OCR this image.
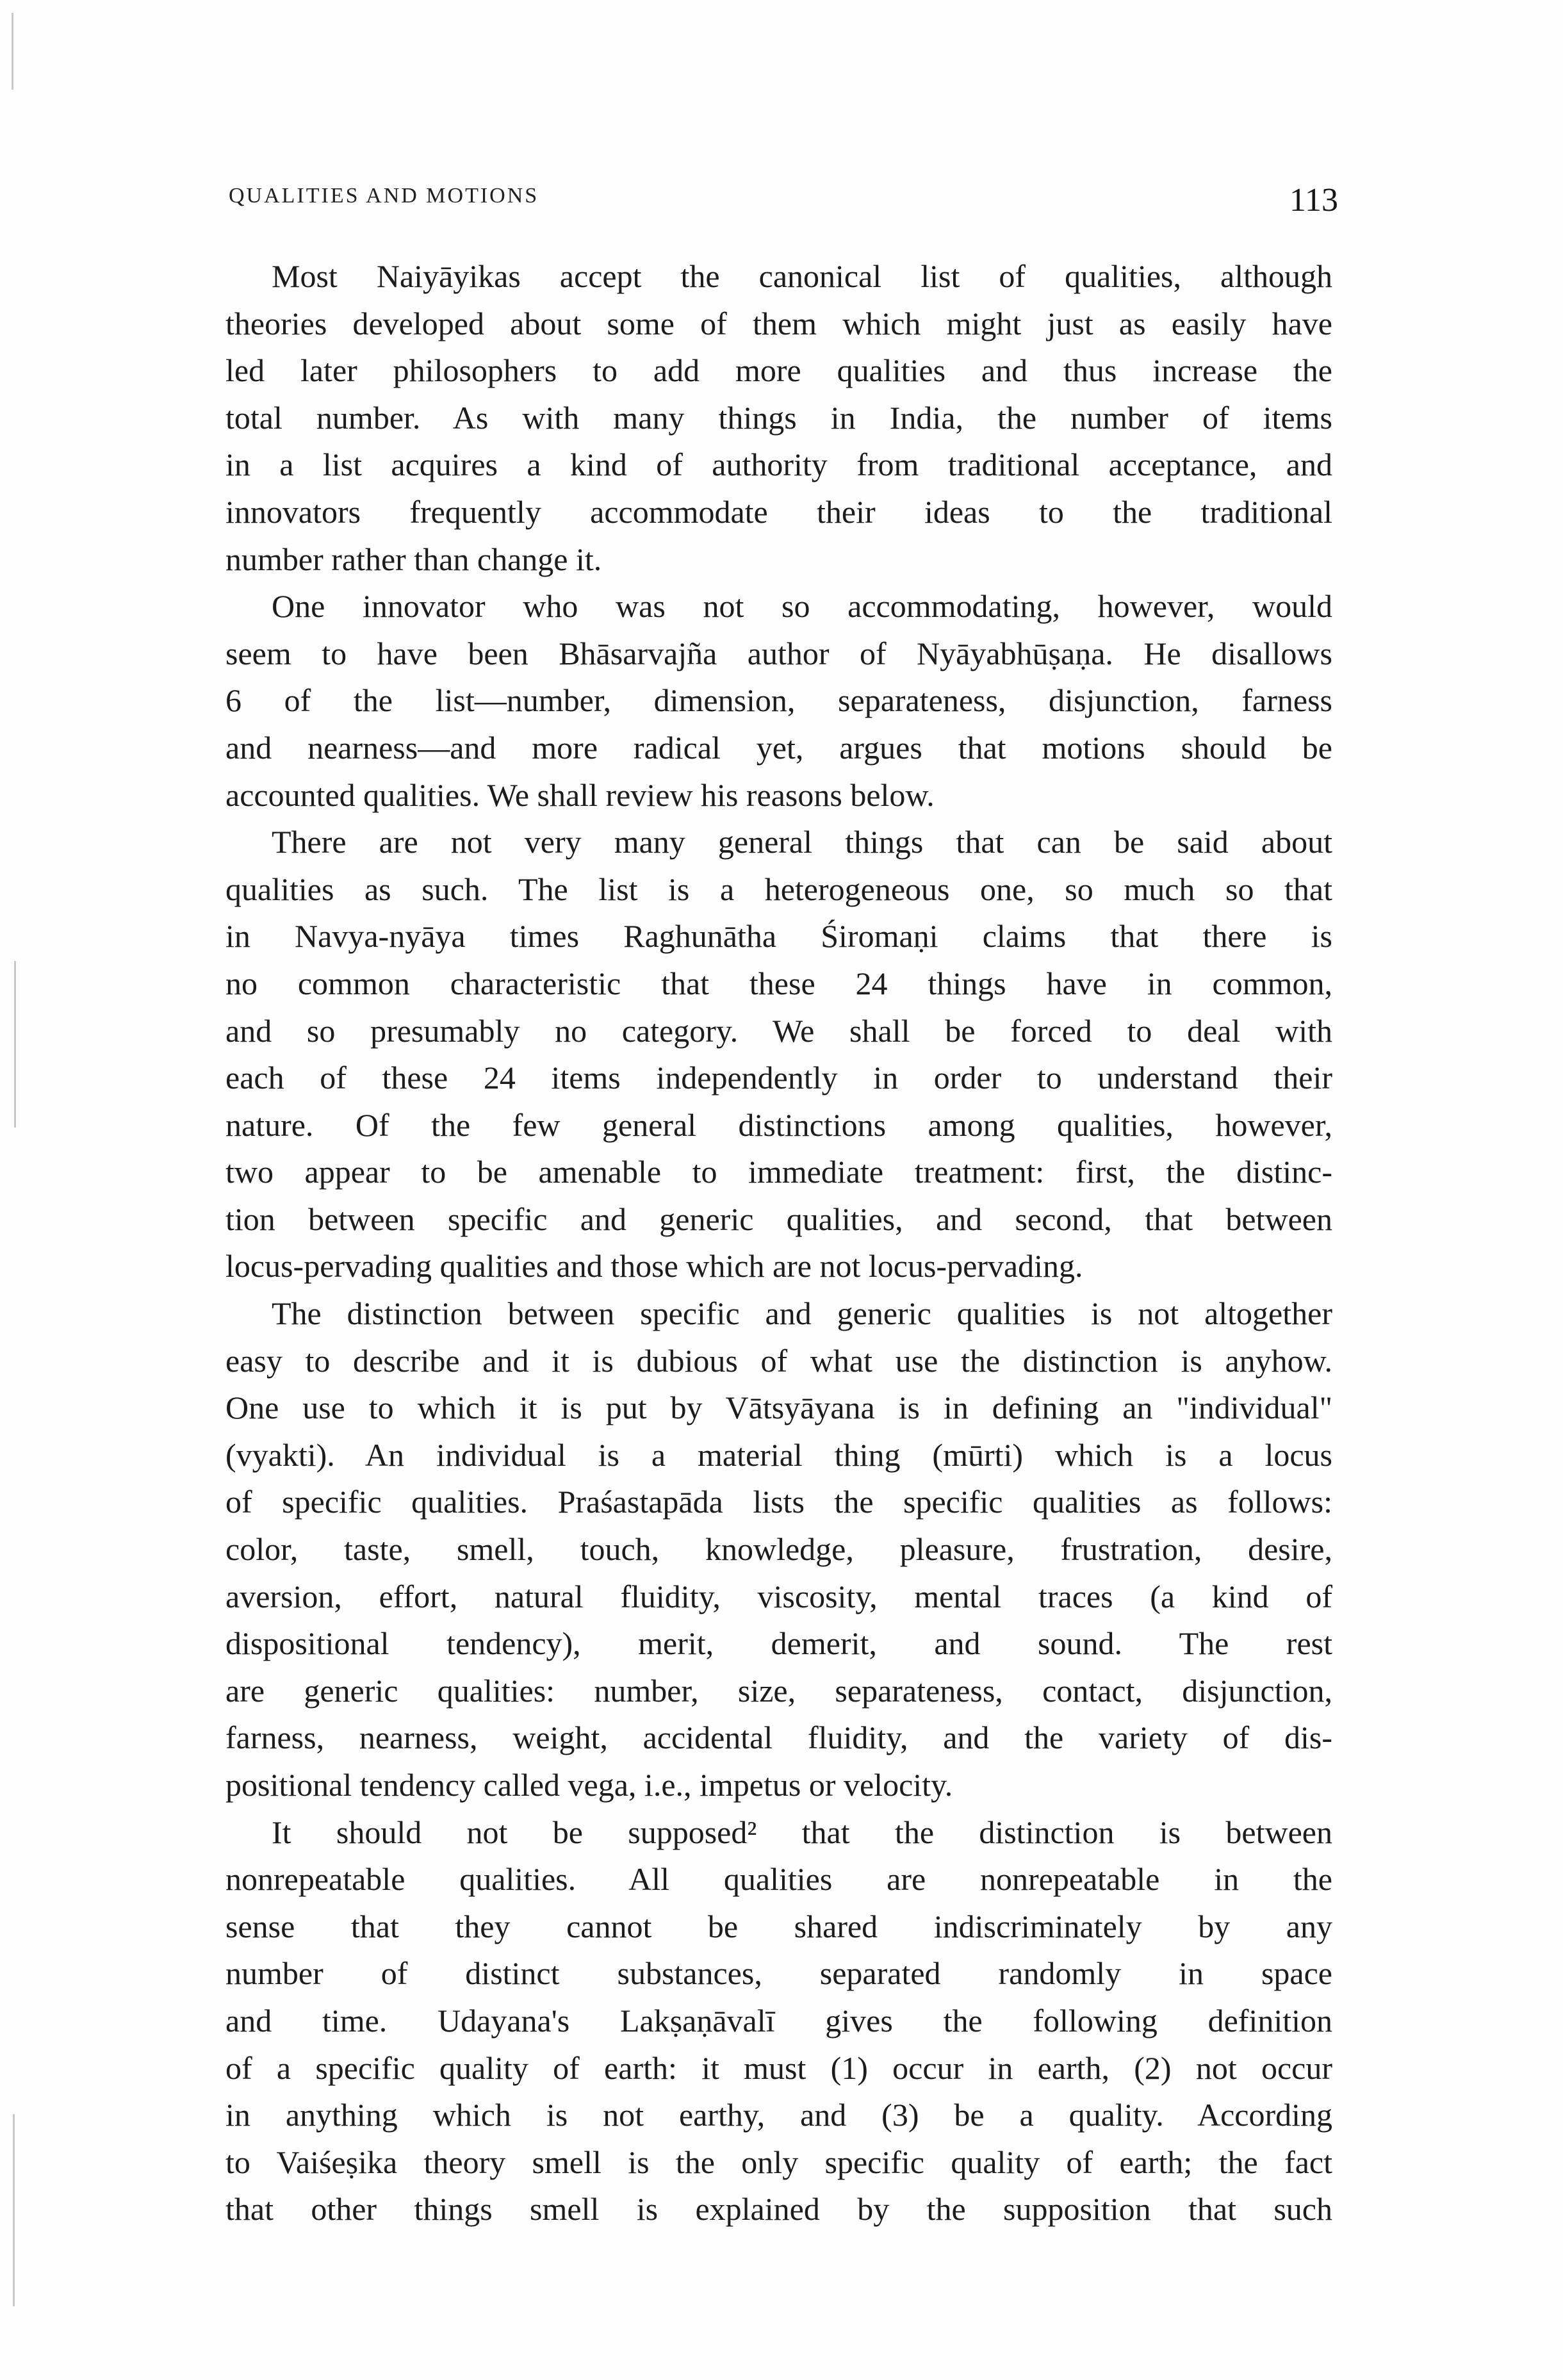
QUALITIES AND MOTIONS	113
Most Naiyāyikas accept the canonical list of qualities, although
theories developed about some of them which might just as easily have
led later philosophers to add more qualities and thus increase the
total number. As with many things in India, the number of items
in a list acquires a kind of authority from traditional acceptance, and
innovators frequently accommodate their ideas to the traditional
number rather than change it.
One innovator who was not so accommodating, however, would
seem to have been Bhāsarvajña author of Nyāyabhūṣaṇa. He disallows
6 of the list—number, dimension, separateness, disjunction, farness
and nearness—and more radical yet, argues that motions should be
accounted qualities. We shall review his reasons below.
There are not very many general things that can be said about
qualities as such. The list is a heterogeneous one, so much so that
in Navya-nyāya times Raghunātha Śiromaṇi claims that there is
no common characteristic that these 24 things have in common,
and so presumably no category. We shall be forced to deal with
each of these 24 items independently in order to understand their
nature. Of the few general distinctions among qualities, however,
two appear to be amenable to immediate treatment: first, the distinc-
tion between specific and generic qualities, and second, that between
locus-pervading qualities and those which are not locus-pervading.
The distinction between specific and generic qualities is not altogether
easy to describe and it is dubious of what use the distinction is anyhow.
One use to which it is put by Vātsyāyana is in defining an "individual"
(vyakti). An individual is a material thing (mūrti) which is a locus
of specific qualities. Praśastapāda lists the specific qualities as follows:
color, taste, smell, touch, knowledge, pleasure, frustration, desire,
aversion, effort, natural fluidity, viscosity, mental traces (a kind of
dispositional tendency), merit, demerit, and sound. The rest
are generic qualities: number, size, separateness, contact, disjunction,
farness, nearness, weight, accidental fluidity, and the variety of dis-
positional tendency called vega, i.e., impetus or velocity.
It should not be supposed² that the distinction is between
nonrepeatable qualities. All qualities are nonrepeatable in the
sense that they cannot be shared indiscriminately by any
number of distinct substances, separated randomly in space
and time. Udayana's Lakṣaṇāvalī gives the following definition
of a specific quality of earth: it must (1) occur in earth, (2) not occur
in anything which is not earthy, and (3) be a quality. According
to Vaiśeṣika theory smell is the only specific quality of earth; the fact
that other things smell is explained by the supposition that such
